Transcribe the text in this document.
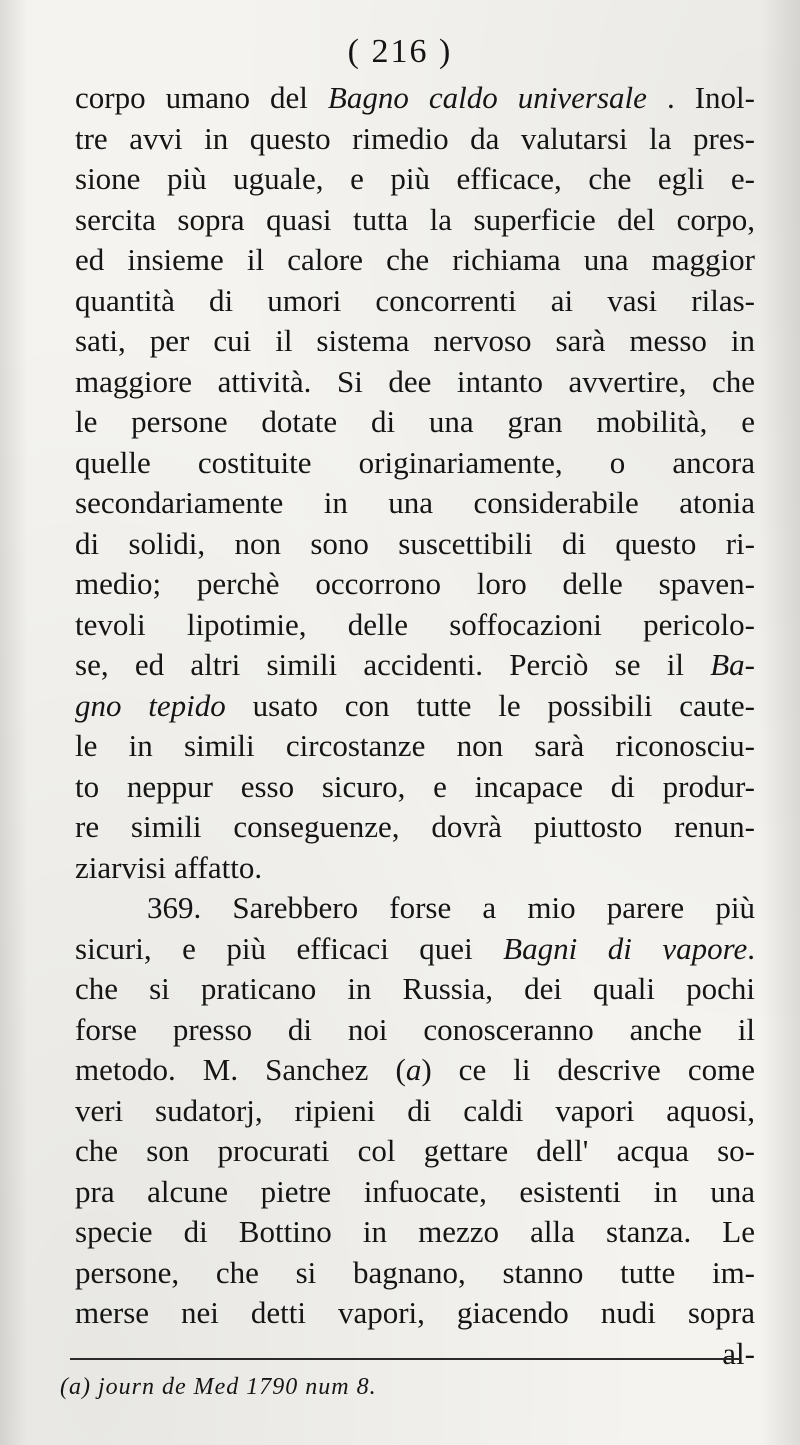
( 216 )
corpo umano del Bagno caldo universale . Inol-
tre avvi in questo rimedio da valutarsi la pres-
sione più uguale, e più efficace, che egli e-
sercita sopra quasi tutta la superficie del corpo,
ed insieme il calore che richiama una maggior
quantità di umori concorrenti ai vasi rilas-
sati, per cui il sistema nervoso sarà messo in
maggiore attività. Si dee intanto avvertire, che
le persone dotate di una gran mobilità, e
quelle costituite originariamente, o ancora
secondariamente in una considerabile atonia
di solidi, non sono suscettibili di questo ri-
medio; perchè occorrono loro delle spaven-
tevoli lipotimie, delle soffocazioni pericolo-
se, ed altri simili accidenti. Perciò se il Ba-
gno tepido usato con tutte le possibili caute-
le in simili circostanze non sarà riconosciu-
to neppur esso sicuro, e incapace di produr-
re simili conseguenze, dovrà piuttosto renun-
ziarvisi affatto.
369. Sarebbero forse a mio parere più
sicuri, e più efficaci quei Bagni di vapore.
che si praticano in Russia, dei quali pochi
forse presso di noi conosceranno anche il
metodo. M. Sanchez (a) ce li descrive come
veri sudatorj, ripieni di caldi vapori aquosi,
che son procurati col gettare dell' acqua so-
pra alcune pietre infuocate, esistenti in una
specie di Bottino in mezzo alla stanza. Le
persone, che si bagnano, stanno tutte im-
merse nei detti vapori, giacendo nudi sopra
al-
(a) journ de Med 1790 num 8.
